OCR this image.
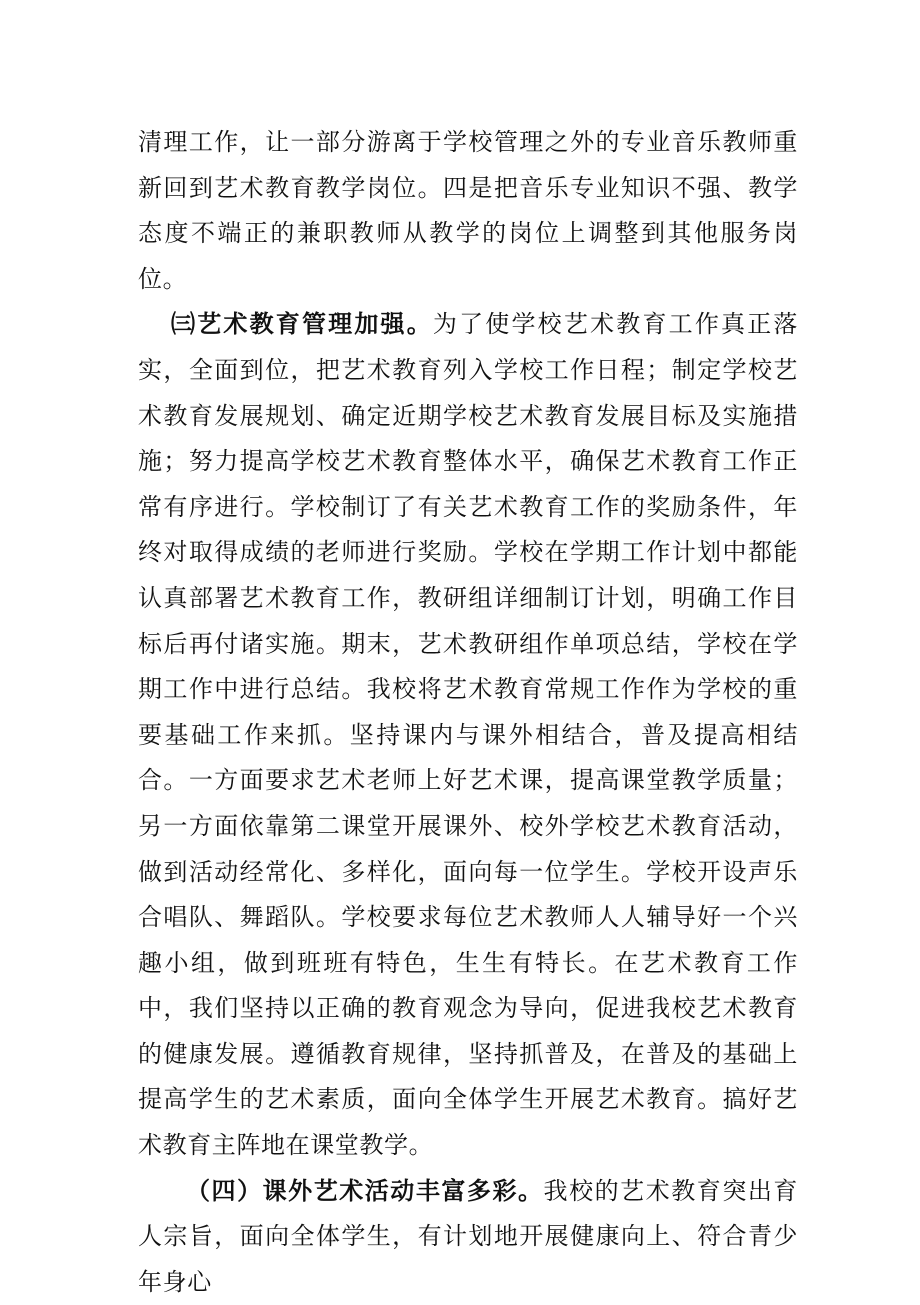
清理工作，让一部分游离于学校管理之外的专业音乐教师重新回到艺术教育教学岗位。四是把音乐专业知识不强、教学态度不端正的兼职教师从教学的岗位上调整到其他服务岗位。

㈢艺术教育管理加强。为了使学校艺术教育工作真正落实，全面到位，把艺术教育列入学校工作日程；制定学校艺术教育发展规划、确定近期学校艺术教育发展目标及实施措施；努力提高学校艺术教育整体水平，确保艺术教育工作正常有序进行。学校制订了有关艺术教育工作的奖励条件，年终对取得成绩的老师进行奖励。学校在学期工作计划中都能认真部署艺术教育工作，教研组详细制订计划，明确工作目标后再付诸实施。期末，艺术教研组作单项总结，学校在学期工作中进行总结。我校将艺术教育常规工作作为学校的重要基础工作来抓。坚持课内与课外相结合，普及提高相结合。一方面要求艺术老师上好艺术课，提高课堂教学质量；另一方面依靠第二课堂开展课外、校外学校艺术教育活动，做到活动经常化、多样化，面向每一位学生。学校开设声乐合唱队、舞蹈队。学校要求每位艺术教师人人辅导好一个兴趣小组，做到班班有特色，生生有特长。在艺术教育工作中，我们坚持以正确的教育观念为导向，促进我校艺术教育的健康发展。遵循教育规律，坚持抓普及，在普及的基础上提高学生的艺术素质，面向全体学生开展艺术教育。搞好艺术教育主阵地在课堂教学。

（四）课外艺术活动丰富多彩。我校的艺术教育突出育人宗旨，面向全体学生，有计划地开展健康向上、符合青少年身心
